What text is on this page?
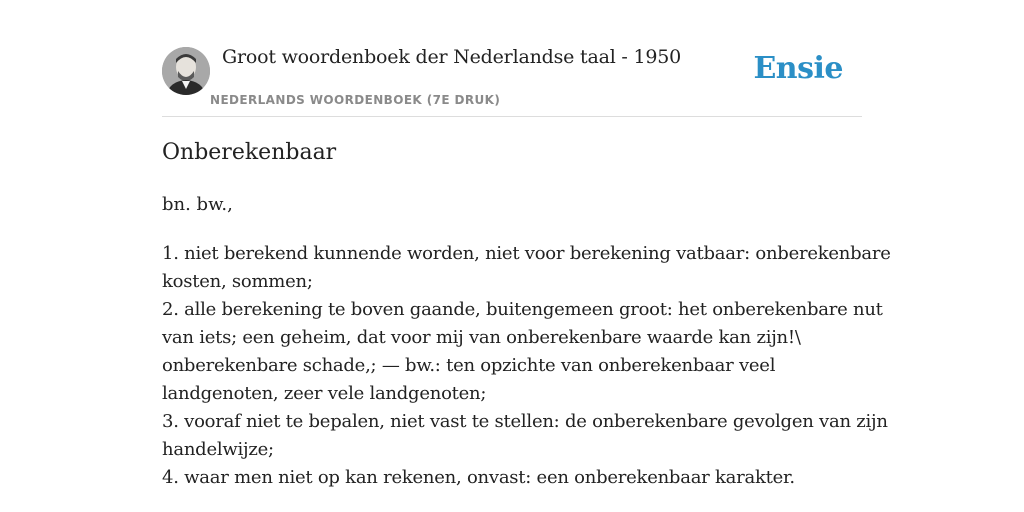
Groot woordenboek der Nederlandse taal - 1950
NEDERLANDS WOORDENBOEK (7E DRUK)
Ensie
Onberekenbaar
bn. bw.,
1. niet berekend kunnende worden, niet voor berekening vatbaar: onberekenbare
kosten, sommen;
2. alle berekening te boven gaande, buitengemeen groot: het onberekenbare nut
van iets; een geheim, dat voor mij van onberekenbare waarde kan zijn!\
onberekenbare schade,; — bw.: ten opzichte van onberekenbaar veel
landgenoten, zeer vele landgenoten;
3. vooraf niet te bepalen, niet vast te stellen: de onberekenbare gevolgen van zijn
handelwijze;
4. waar men niet op kan rekenen, onvast: een onberekenbaar karakter.
